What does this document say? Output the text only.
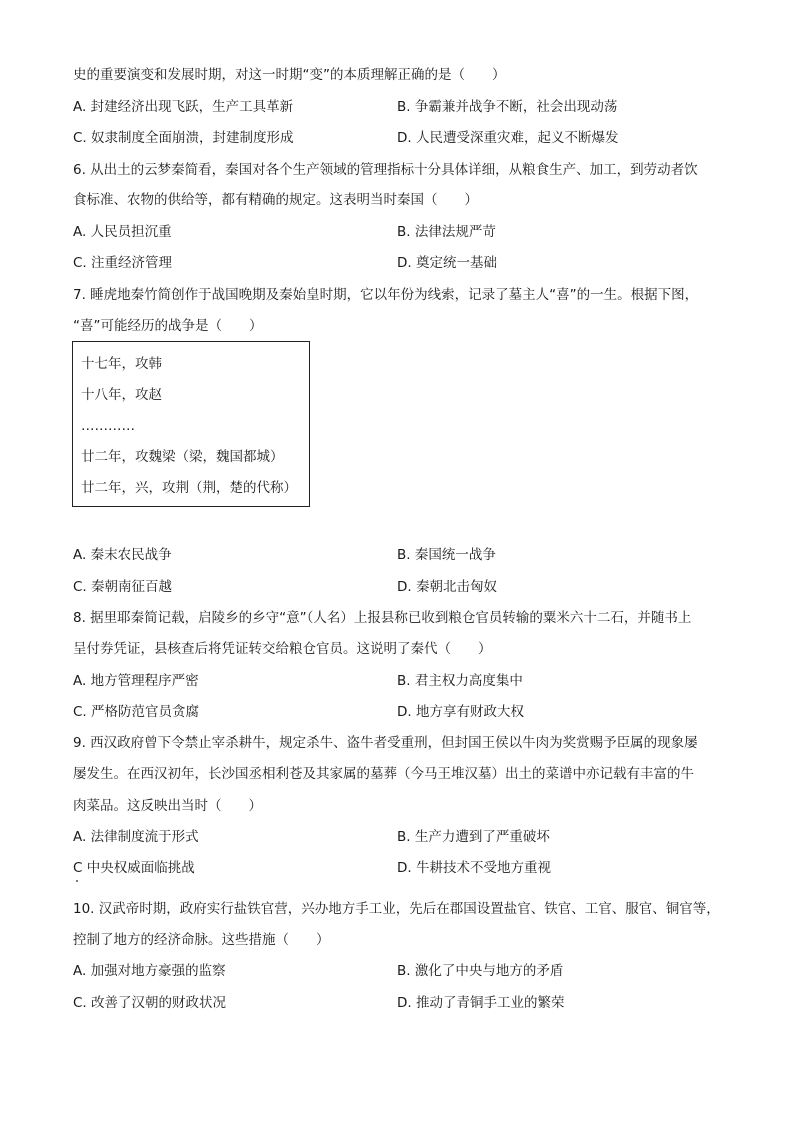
史的重要演变和发展时期，对这一时期“变”的本质理解正确的是（　　）
A. 封建经济出现飞跃，生产工具革新	B. 争霸兼并战争不断，社会出现动荡
C. 奴隶制度全面崩溃，封建制度形成	D. 人民遭受深重灾难，起义不断爆发
6. 从出土的云梦秦简看，秦国对各个生产领域的管理指标十分具体详细，从粮食生产、加工，到劳动者饮
食标准、农物的供给等，都有精确的规定。这表明当时秦国（　　）
A. 人民员担沉重	B. 法律法规严苛
C. 注重经济管理	D. 奠定统一基础
7. 睡虎地秦竹简创作于战国晚期及秦始皇时期，它以年份为线索，记录了墓主人“喜”的一生。根据下图，
“喜”可能经历的战争是（　　）
十七年，攻韩
十八年，攻赵
…………
廿二年，攻魏梁（梁，魏国都城）
廿二年，兴，攻荆（荆，楚的代称）
A. 秦末农民战争	B. 秦国统一战争
C. 秦朝南征百越	D. 秦朝北击匈奴
8. 据里耶秦简记载，启陵乡的乡守“意”（人名）上报县称已收到粮仓官员转输的粟米六十二石，并随书上
呈付券凭证，县核查后将凭证转交给粮仓官员。这说明了秦代（　　）
A. 地方管理程序严密	B. 君主权力高度集中
C. 严格防范官员贪腐	D. 地方享有财政大权
9. 西汉政府曾下令禁止宰杀耕牛，规定杀牛、盗牛者受重刑，但封国王侯以牛肉为奖赏赐予臣属的现象屡
屡发生。在西汉初年，长沙国丞相利苍及其家属的墓葬（今马王堆汉墓）出土的菜谱中亦记载有丰富的牛
肉菜品。这反映出当时（　　）
A. 法律制度流于形式	B. 生产力遭到了严重破坏
C 中央权威面临挑战	D. 牛耕技术不受地方重视
10. 汉武帝时期，政府实行盐铁官营，兴办地方手工业，先后在郡国设置盐官、铁官、工官、服官、铜官等，
控制了地方的经济命脉。这些措施（　　）
A. 加强对地方豪强的监察	B. 激化了中央与地方的矛盾
C. 改善了汉朝的财政状况	D. 推动了青铜手工业的繁荣
